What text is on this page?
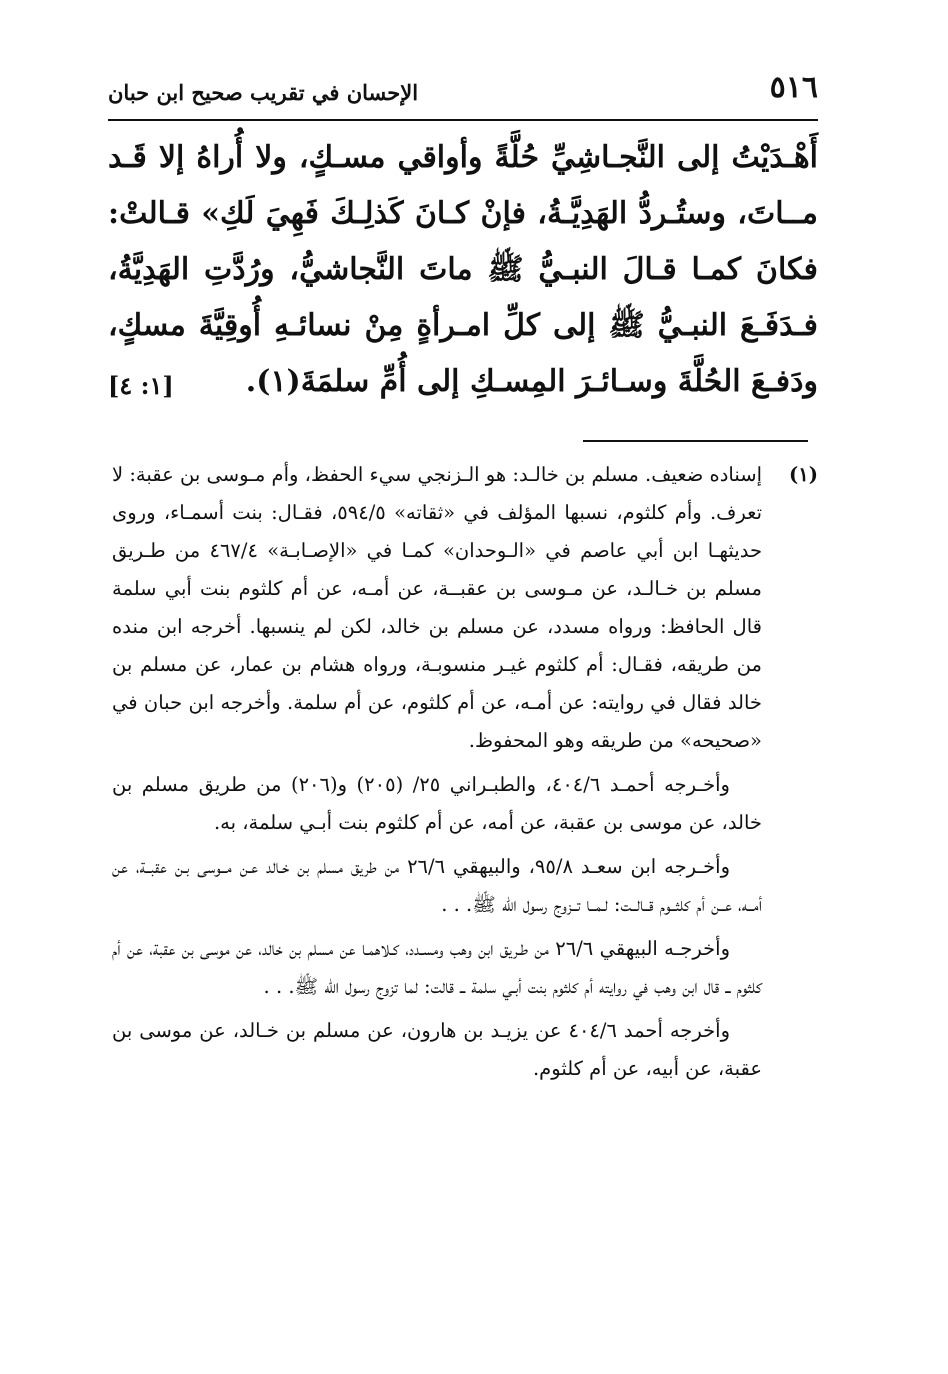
٥١٦
الإحسان في تقريب صحيح ابن حبان

أَهْـدَيْتُ إلى النَّجـاشِيِّ حُلَّةً وأواقي مسـكٍ، ولا أُراهُ إلا قَـد مــاتَ، وستُـردُّ الهَدِيَّـةُ، فإنْ كـانَ كَذلِـكَ فَهِيَ لَكِ» قـالتْ: فكانَ كمـا قـالَ النبـيُّ ﷺ ماتَ النَّجاشيُّ، ورُدَّتِ الهَدِيَّةُ، فـدَفَـعَ النبـيُّ ﷺ إلى كلِّ امـرأةٍ مِنْ نسائـهِ أُوقِيَّةَ مسكٍ، ودَفـعَ الحُلَّةَ وسـائـرَ المِسـكِ إلى أُمِّ سلمَةَ(١).

[١: ٤]
(١)

إسناده ضعيف. مسلم بن خالـد: هو الـزنجي سيء الحفظ، وأم مـوسى بن عقبة: لا تعرف. وأم كلثوم، نسبها المؤلف في «ثقاته» ٥٩٤/٥، فقـال: بنت أسمـاء، وروى حديثهـا ابن أبي عاصم في «الـوحدان» كمـا في «الإصـابـة» ٤٦٧/٤ من طـريق مسلم بن خـالـد، عن مـوسى بن عقبــة، عن أمـه، عن أم كلثوم بنت أبي سلمة قال الحافظ: ورواه مسدد، عن مسلم بن خالد، لكن لم ينسبها. أخرجه ابن منده من طريقه، فقـال: أم كلثوم غيـر منسوبـة، ورواه هشام بن عمار، عن مسلم بن خالد فقال في روايته: عن أمـه، عن أم كلثوم، عن أم سلمة. وأخرجه ابن حبان في «صحيحه» من طريقه وهو المحفوظ.

وأخـرجه أحمـد ٤٠٤/٦، والطبـراني ٢٥/ (٢٠٥) و(٢٠٦) من طريق مسلم بن خالد، عن موسى بن عقبة، عن أمه، عن أم كلثوم بنت أبـي سلمة، به.

وأخـرجه ابن سعـد ٩٥/٨، والبيهقي ٢٦/٦ من طريق مسلم بن خـالد عـن مــوسى بـن عقبــة، عن أمــه، عــن أم كلثــوم قــالــت: لـمــا تــزوج رسول الله ﷺ. . .

وأخرجـه البيهقي ٢٦/٦ من طـريق ابن وهب ومسـدد، كـلاهمـا عن مسلم بن خالد، عن موسى بن عقبة، عن أم كلثوم ــ قال ابن وهب في روايته أم كلثوم بنت أبـي سلمة ــ قالت: لما تزوج رسول الله ﷺ. . .

وأخرجه أحمد ٤٠٤/٦ عن يزيـد بن هارون، عن مسلم بن خـالد، عن موسى بن عقبة، عن أبيه، عن أم كلثوم.
